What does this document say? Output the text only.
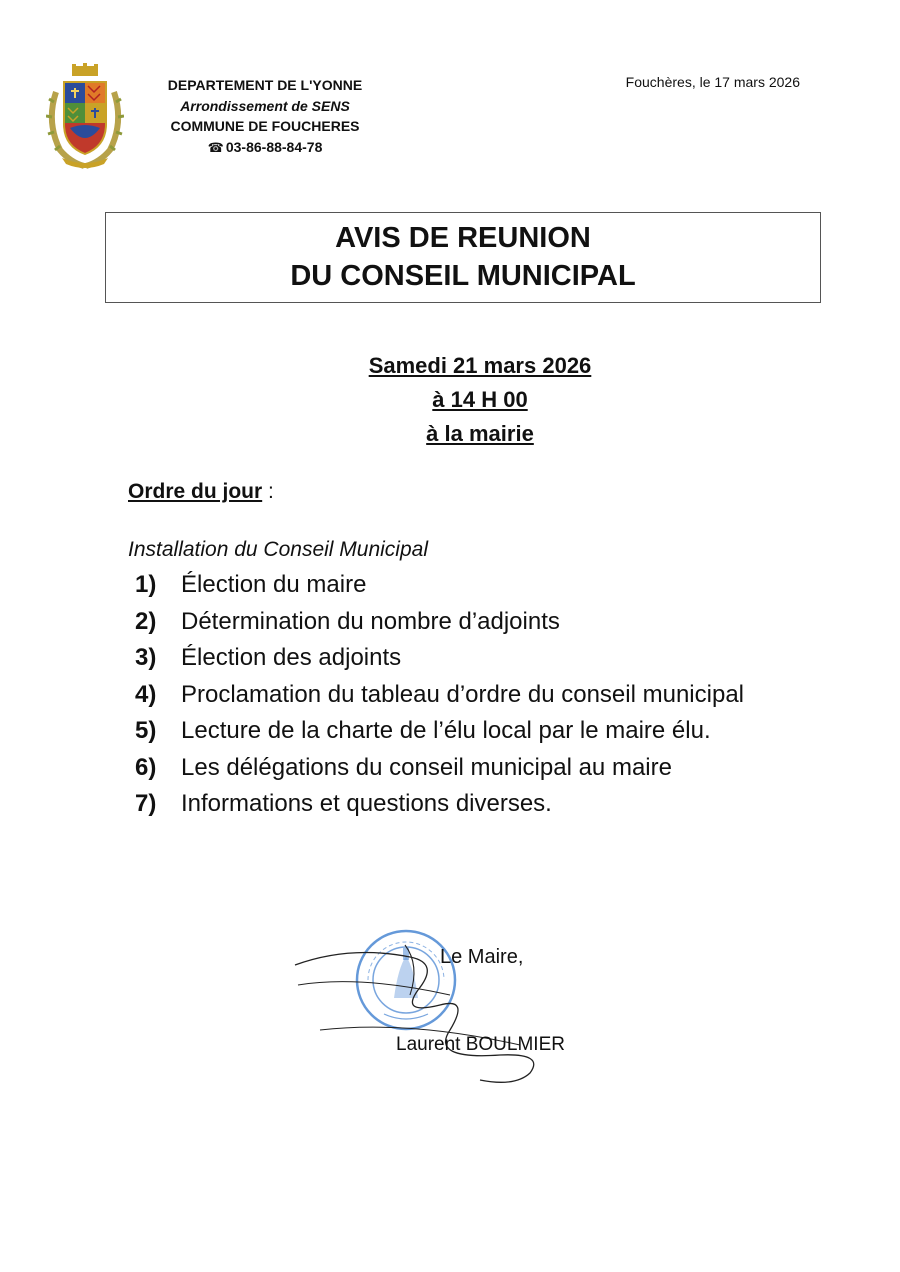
DEPARTEMENT DE L'YONNE
Arrondissement de SENS
COMMUNE DE FOUCHERES
☎ 03-86-88-84-78
Fouchères, le 17 mars 2026
AVIS DE REUNION
DU CONSEIL MUNICIPAL
Samedi 21 mars 2026
à 14 H 00
à la mairie
Ordre du jour :
Installation du Conseil Municipal
1)	Élection du maire
2)	Détermination du nombre d’adjoints
3)	Élection des adjoints
4)	Proclamation du tableau d’ordre du conseil municipal
5)	Lecture de la charte de l’élu local par le maire élu.
6)	Les délégations du conseil municipal au maire
7)	Informations et questions diverses.
Le Maire,
Laurent BOULMIER
